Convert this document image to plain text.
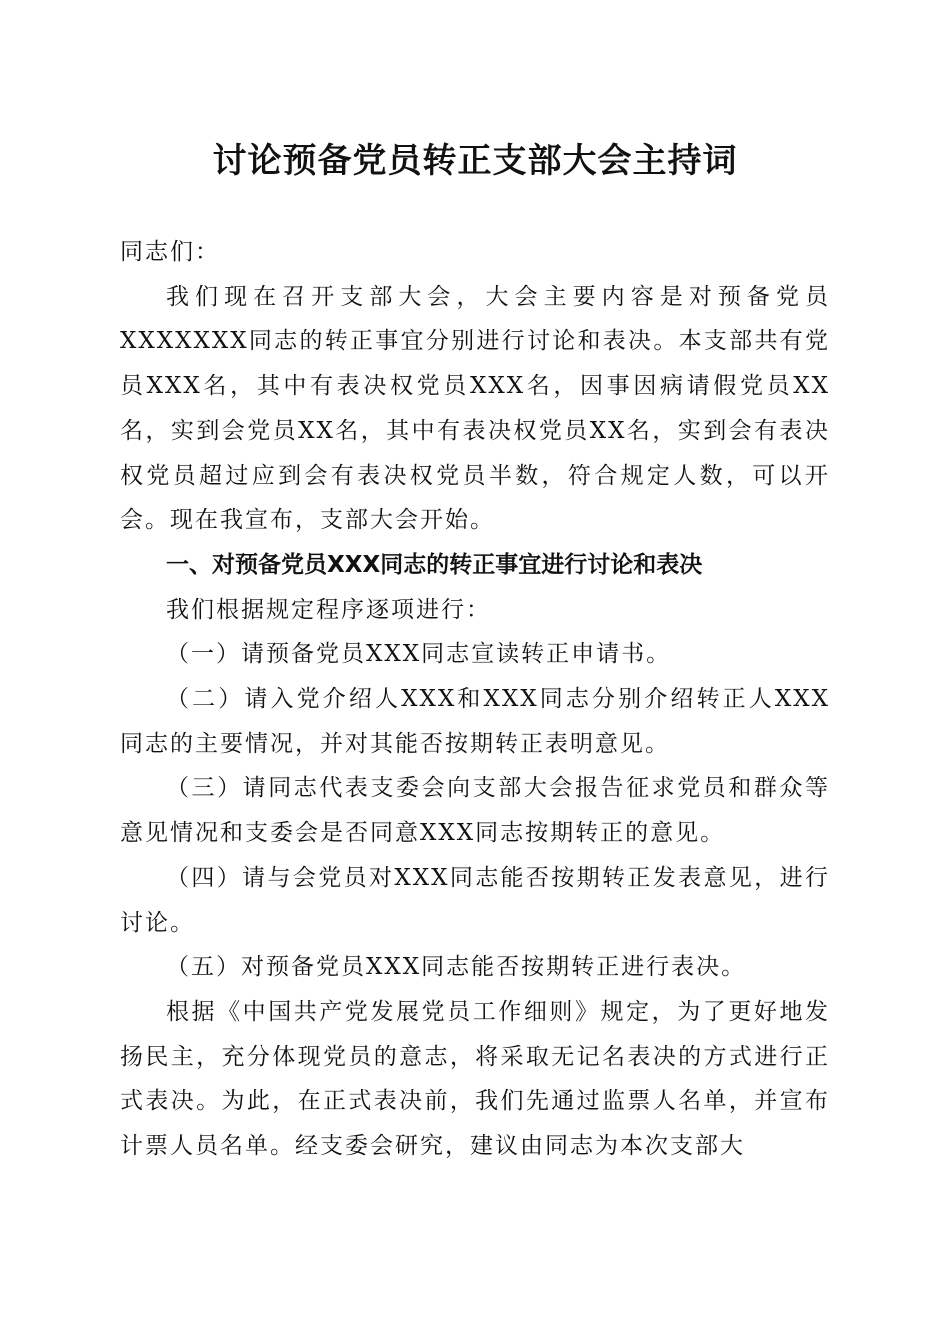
讨论预备党员转正支部大会主持词

同志们：

我们现在召开支部大会，大会主要内容是对预备党员XXXXXXX同志的转正事宜分别进行讨论和表决。本支部共有党员XXX名，其中有表决权党员XXX名，因事因病请假党员XX名，实到会党员XX名，其中有表决权党员XX名，实到会有表决权党员超过应到会有表决权党员半数，符合规定人数，可以开会。现在我宣布，支部大会开始。

一、对预备党员XXX同志的转正事宜进行讨论和表决

我们根据规定程序逐项进行：

（一）请预备党员XXX同志宣读转正申请书。

（二）请入党介绍人XXX和XXX同志分别介绍转正人XXX同志的主要情况，并对其能否按期转正表明意见。

（三）请同志代表支委会向支部大会报告征求党员和群众等意见情况和支委会是否同意XXX同志按期转正的意见。

（四）请与会党员对XXX同志能否按期转正发表意见，进行讨论。

（五）对预备党员XXX同志能否按期转正进行表决。

根据《中国共产党发展党员工作细则》规定，为了更好地发扬民主，充分体现党员的意志，将采取无记名表决的方式进行正式表决。为此，在正式表决前，我们先通过监票人名单，并宣布计票人员名单。经支委会研究，建议由同志为本次支部大
